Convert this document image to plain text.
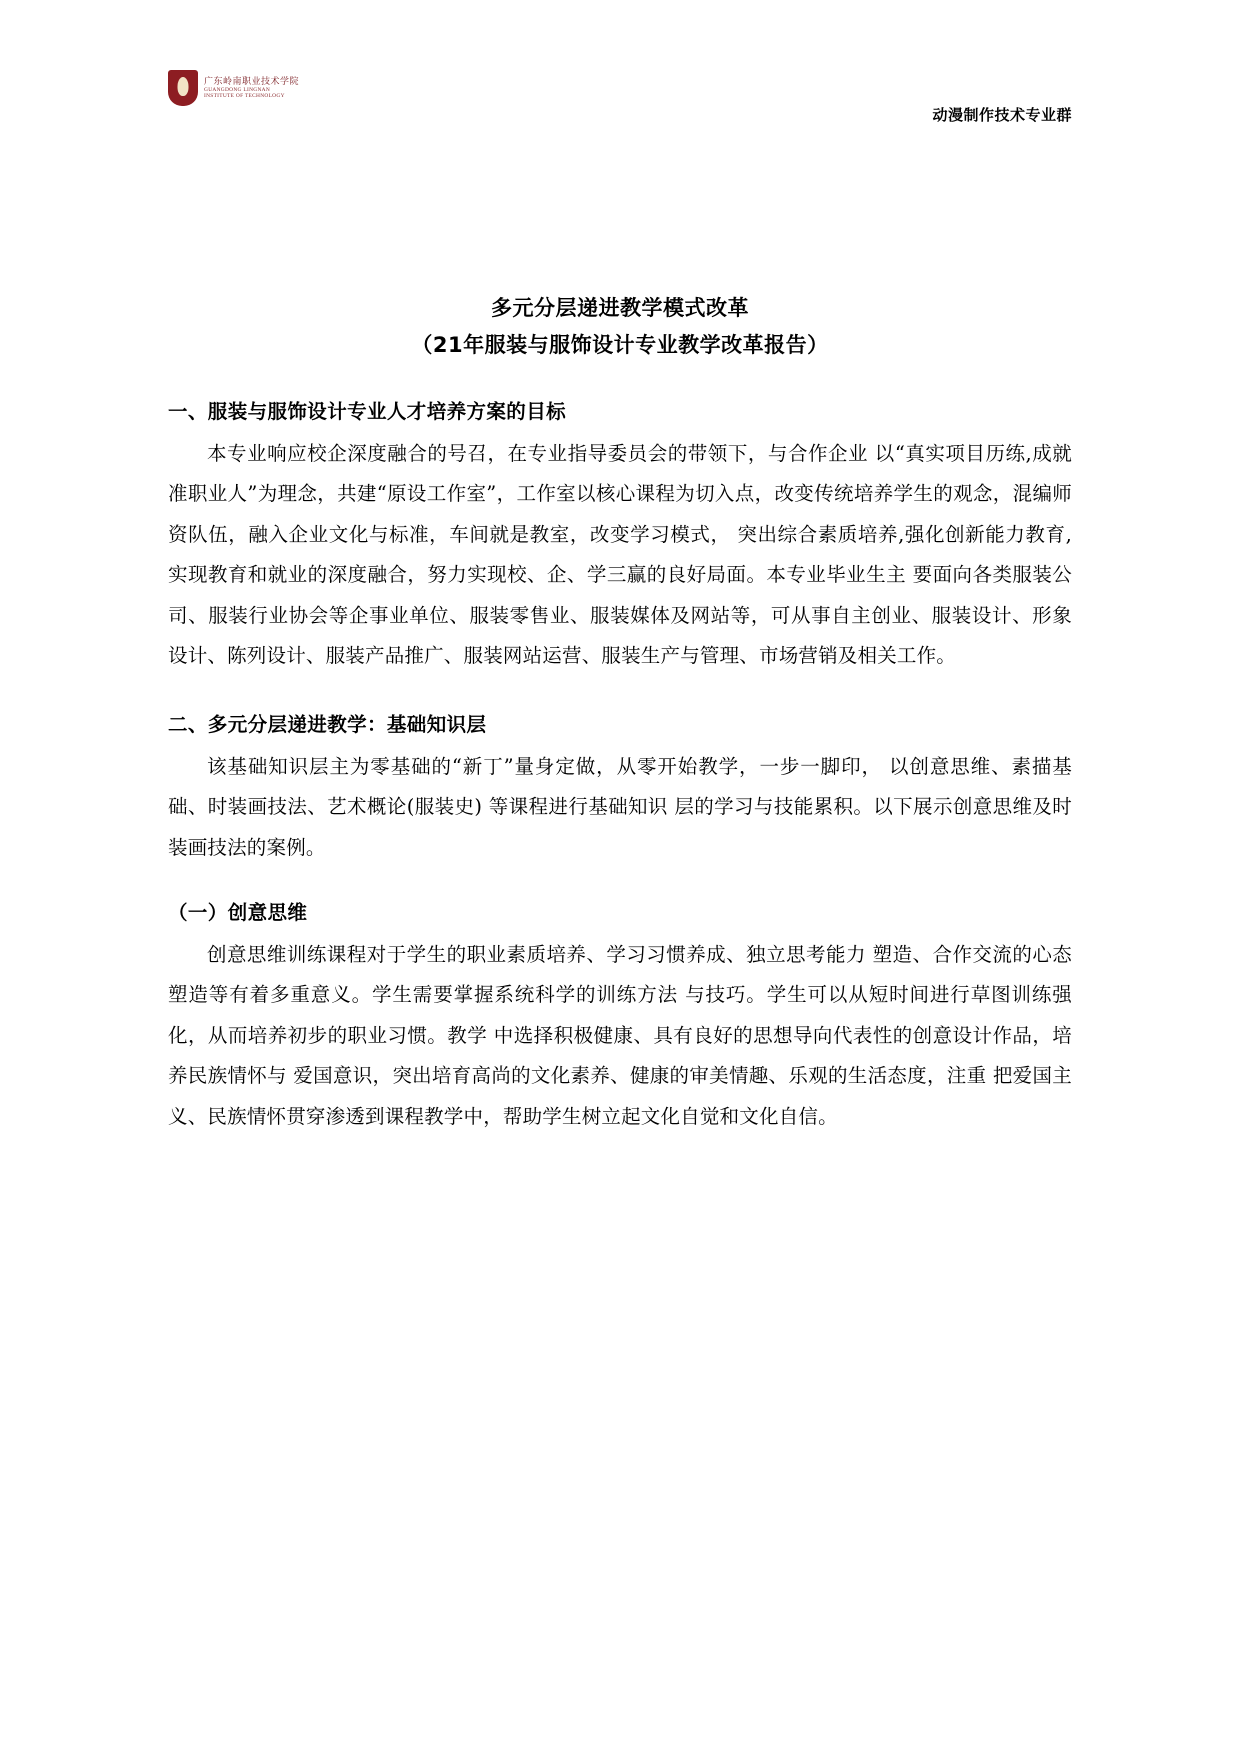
广东岭南职业技术学院
GUANGDONG LINGNAN
INSTITUTE OF TECHNOLOGY
动漫制作技术专业群
多元分层递进教学模式改革
（21年服装与服饰设计专业教学改革报告）
一、服装与服饰设计专业人才培养方案的目标

本专业响应校企深度融合的号召，在专业指导委员会的带领下，与合作企业 以“真实项目历练,成就准职业人”为理念，共建“原设工作室”，工作室以核心课程为切入点，改变传统培养学生的观念，混编师资队伍，融入企业文化与标准，车间就是教室，改变学习模式， 突出综合素质培养,强化创新能力教育,实现教育和就业的深度融合，努力实现校、企、学三赢的良好局面。本专业毕业生主 要面向各类服装公司、服装行业协会等企事业单位、服装零售业、服装媒体及网站等，可从事自主创业、服装设计、形象设计、陈列设计、服装产品推广、服装网站运营、服装生产与管理、市场营销及相关工作。

二、多元分层递进教学：基础知识层

该基础知识层主为零基础的“新丁”量身定做，从零开始教学，一步一脚印， 以创意思维、素描基础、时装画技法、艺术概论(服装史) 等课程进行基础知识 层的学习与技能累积。以下展示创意思维及时装画技法的案例。

（一）创意思维

创意思维训练课程对于学生的职业素质培养、学习习惯养成、独立思考能力 塑造、合作交流的心态塑造等有着多重意义。学生需要掌握系统科学的训练方法 与技巧。学生可以从短时间进行草图训练强化，从而培养初步的职业习惯。教学 中选择积极健康、具有良好的思想导向代表性的创意设计作品，培养民族情怀与 爱国意识，突出培育高尚的文化素养、健康的审美情趣、乐观的生活态度，注重 把爱国主义、民族情怀贯穿渗透到课程教学中，帮助学生树立起文化自觉和文化自信。
